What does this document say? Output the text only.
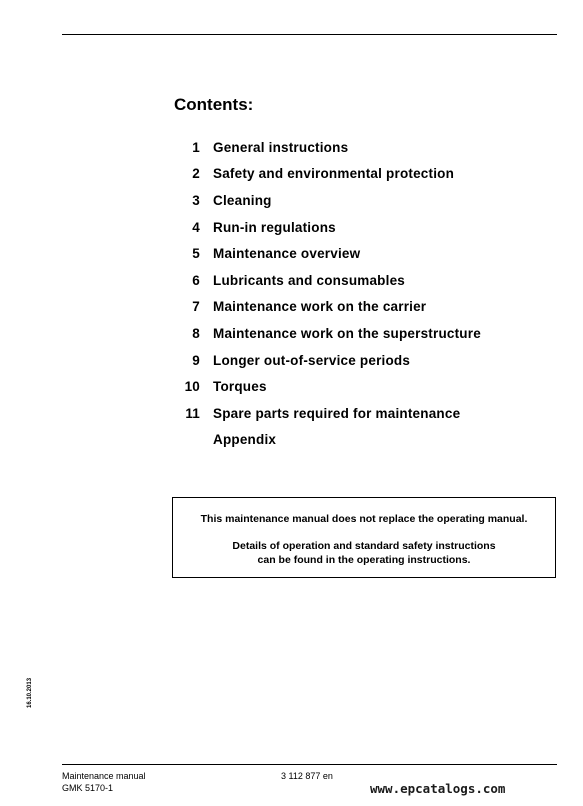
Contents:
1 General instructions
2 Safety and environmental protection
3 Cleaning
4 Run-in regulations
5 Maintenance overview
6 Lubricants and consumables
7 Maintenance work on the carrier
8 Maintenance work on the superstructure
9 Longer out-of-service periods
10 Torques
11 Spare parts required for maintenance
Appendix

This maintenance manual does not replace the operating manual.

Details of operation and standard safety instructions

can be found in the operating instructions.

16.10.2013
Maintenance manual
GMK 5170-1
3 112 877 en
www.epcatalogs.com
